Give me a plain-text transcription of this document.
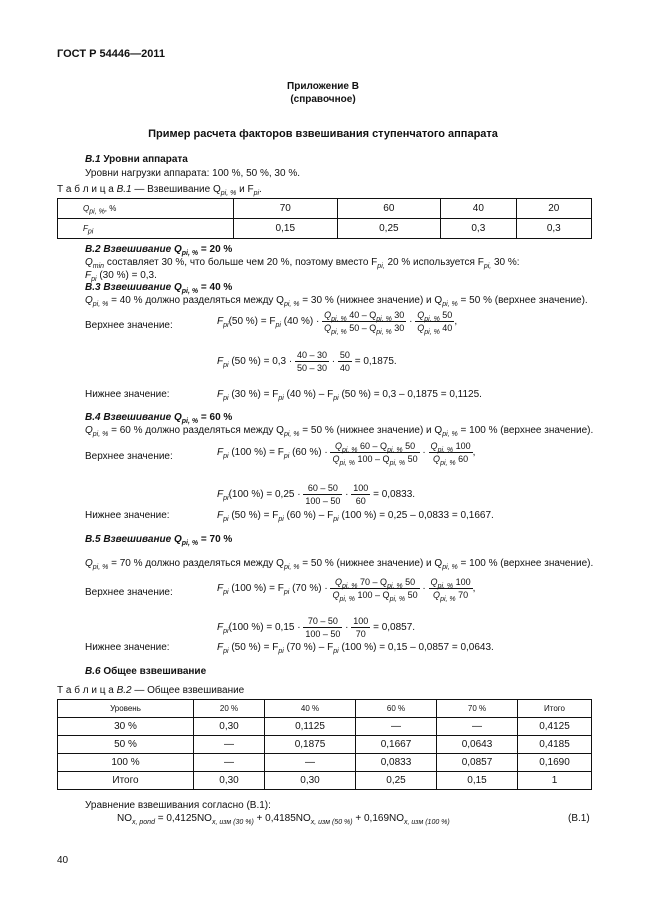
ГОСТ Р 54446—2011
Приложение В
(справочное)
Пример расчета факторов взвешивания ступенчатого аппарата
В.1 Уровни аппарата
Уровни нагрузки аппарата: 100 %, 50 %, 30 %.
Т а б л и ц а В.1 — Взвешивание $Q_{pi, \%}$ и $F_{pi}$.
$Q_{pi, \%}$, %	70	60	40	20
$F_{pi}$	0,15	0,25	0,3	0,3
В.2 Взвешивание $Q_{pi, \%} = 20$ %
$Q_{min}$ составляет 30 %, что больше чем 20 %, поэтому вместо $F_{pi,}$ 20 % используется $F_{pi,}$ 30 %:
$F_{pi}$ (30 %) = 0,3.
В.3 Взвешивание $Q_{pi, \%} = 40$ %
$Q_{pi, \%} = 40$ % должно разделяться между $Q_{pi, \%} = 30$ % (нижнее значение) и $Q_{pi, \%} = 50$ % (верхнее значение).
Верхнее значение:	$F_{pi}(50$ %) = $F_{pi}$ (40 %) · $\frac{Q_{pi, \%} 40 - Q_{pi, \%} 30}{Q_{pi, \%} 50 - Q_{pi, \%} 30} \cdot \frac{Q_{pi, \%} 50}{Q_{pi, \%} 40}$ ,
$F_{pi}$ (50 %) = $0,3 \cdot \frac{40 - 30}{50 - 30} \cdot \frac{50}{40} = 0,1875$.
Нижнее значение:	$F_{pi}$ (30 %) = $F_{pi}$ (40 %) – $F_{pi}$ (50 %) = 0,3 – 0,1875 = 0,1125.
В.4 Взвешивание $Q_{pi, \%} = 60$ %
$Q_{pi, \%} = 60$ % должно разделяться между $Q_{pi, \%} = 50$ % (нижнее значение) и $Q_{pi, \%} = 100$ % (верхнее значение).
Верхнее значение:	$F_{pi}$ (100 %) = $F_{pi}$ (60 %) · $\frac{Q_{pi, \%} 60 - Q_{pi, \%} 50}{Q_{pi, \%} 100 - Q_{pi, \%} 50} \cdot \frac{Q_{pi, \%} 100}{Q_{pi, \%} 60}$ ,
$F_{pi}(100$ %) = $0,25 \cdot \frac{60 - 50}{100 - 50} \cdot \frac{100}{60} = 0,0833$.
Нижнее значение:	$F_{pi}$ (50 %) = $F_{pi}$ (60 %) – $F_{pi}$ (100 %) = 0,25 – 0,0833 = 0,1667.
В.5 Взвешивание $Q_{pi, \%} = 70$ %
$Q_{pi, \%} = 70$ % должно разделяться между $Q_{pi, \%} = 50$ % (нижнее значение) и $Q_{pi, \%} = 100$ % (верхнее значение).
Верхнее значение:	$F_{pi}$ (100 %) = $F_{pi}$ (70 %) · $\frac{Q_{pi, \%} 70 - Q_{pi, \%} 50}{Q_{pi, \%} 100 - Q_{pi, \%} 50} \cdot \frac{Q_{pi, \%} 100}{Q_{pi, \%} 70}$ ,
$F_{pi}(100$ %) = $0,15 \cdot \frac{70 - 50}{100 - 50} \cdot \frac{100}{70} = 0,0857$.
Нижнее значение:	$F_{pi}$ (50 %) = $F_{pi}$ (70 %) – $F_{pi}$ (100 %) = 0,15 – 0,0857 = 0,0643.
В.6 Общее взвешивание
Т а б л и ц а В.2 — Общее взвешивание
Уровень	20 %	40 %	60 %	70 %	Итого
30 %	0,30	0,1125	—	—	0,4125
50 %	—	0,1875	0,1667	0,0643	0,4185
100 %	—	—	0,0833	0,0857	0,1690
Итого	0,30	0,30	0,25	0,15	1
Уравнение взвешивания согласно (В.1):
$NO_{x, pond} = 0,4125NO_{x, изм (30 \%)} + 0,4185NO_{x, изм (50 \%)} + 0,169NO_{x, изм (100 \%)}$	(В.1)
40
